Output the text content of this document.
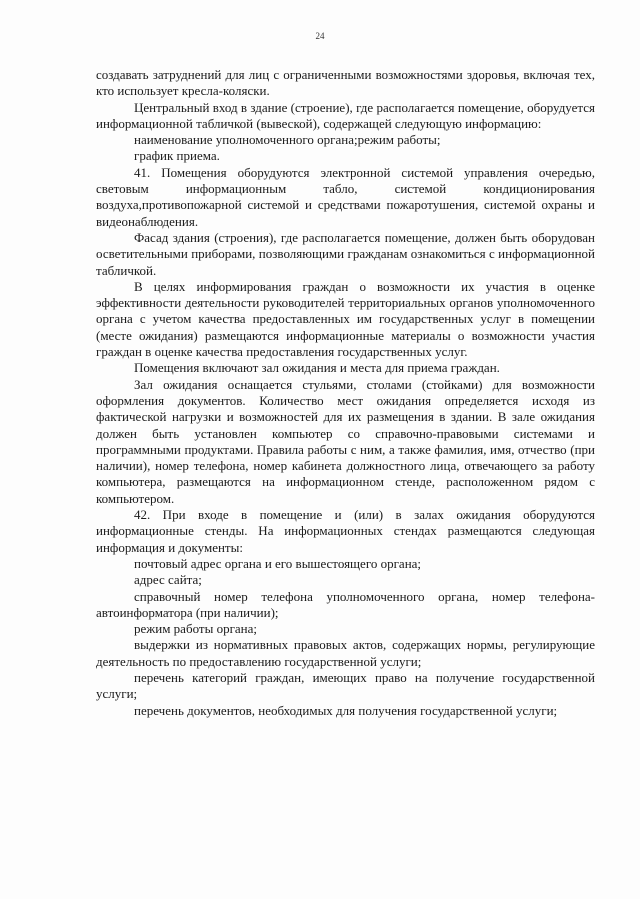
24

создавать затруднений для лиц с ограниченными возможностями здоровья, включая тех, кто использует кресла-коляски.

Центральный вход в здание (строение), где располагается помещение, оборудуется информационной табличкой (вывеской), содержащей следующую информацию:

наименование уполномоченного органа;режим работы;

график приема.

41. Помещения оборудуются электронной системой управления очередью, световым информационным табло, системой кондиционирования воздуха,противопожарной системой и средствами пожаротушения, системой охраны и видеонаблюдения.

Фасад здания (строения), где располагается помещение, должен быть оборудован осветительными приборами, позволяющими гражданам ознакомиться с информационной табличкой.

В целях информирования граждан о возможности их участия в оценке эффективности деятельности руководителей территориальных органов уполномоченного органа с учетом качества предоставленных им государственных услуг в помещении (месте ожидания) размещаются информационные материалы о возможности участия граждан в оценке качества предоставления государственных услуг.

Помещения включают зал ожидания и места для приема граждан.

Зал ожидания оснащается стульями, столами (стойками) для возможности оформления документов. Количество мест ожидания определяется исходя из фактической нагрузки и возможностей для их размещения в здании. В зале ожидания должен быть установлен компьютер со справочно-правовыми системами и программными продуктами. Правила работы с ним, а также фамилия, имя, отчество (при наличии), номер телефона, номер кабинета должностного лица, отвечающего за работу компьютера, размещаются на информационном стенде, расположенном рядом с компьютером.

42. При входе в помещение и (или) в залах ожидания оборудуются информационные стенды. На информационных стендах размещаются следующая информация и документы:

почтовый адрес органа и его вышестоящего органа;

адрес сайта;

справочный номер телефона уполномоченного органа, номер телефона-автоинформатора (при наличии);

режим работы органа;

выдержки из нормативных правовых актов, содержащих нормы, регулирующие деятельность по предоставлению государственной услуги;

перечень категорий граждан, имеющих право на получение государственной услуги;

перечень документов, необходимых для получения государственной услуги;
